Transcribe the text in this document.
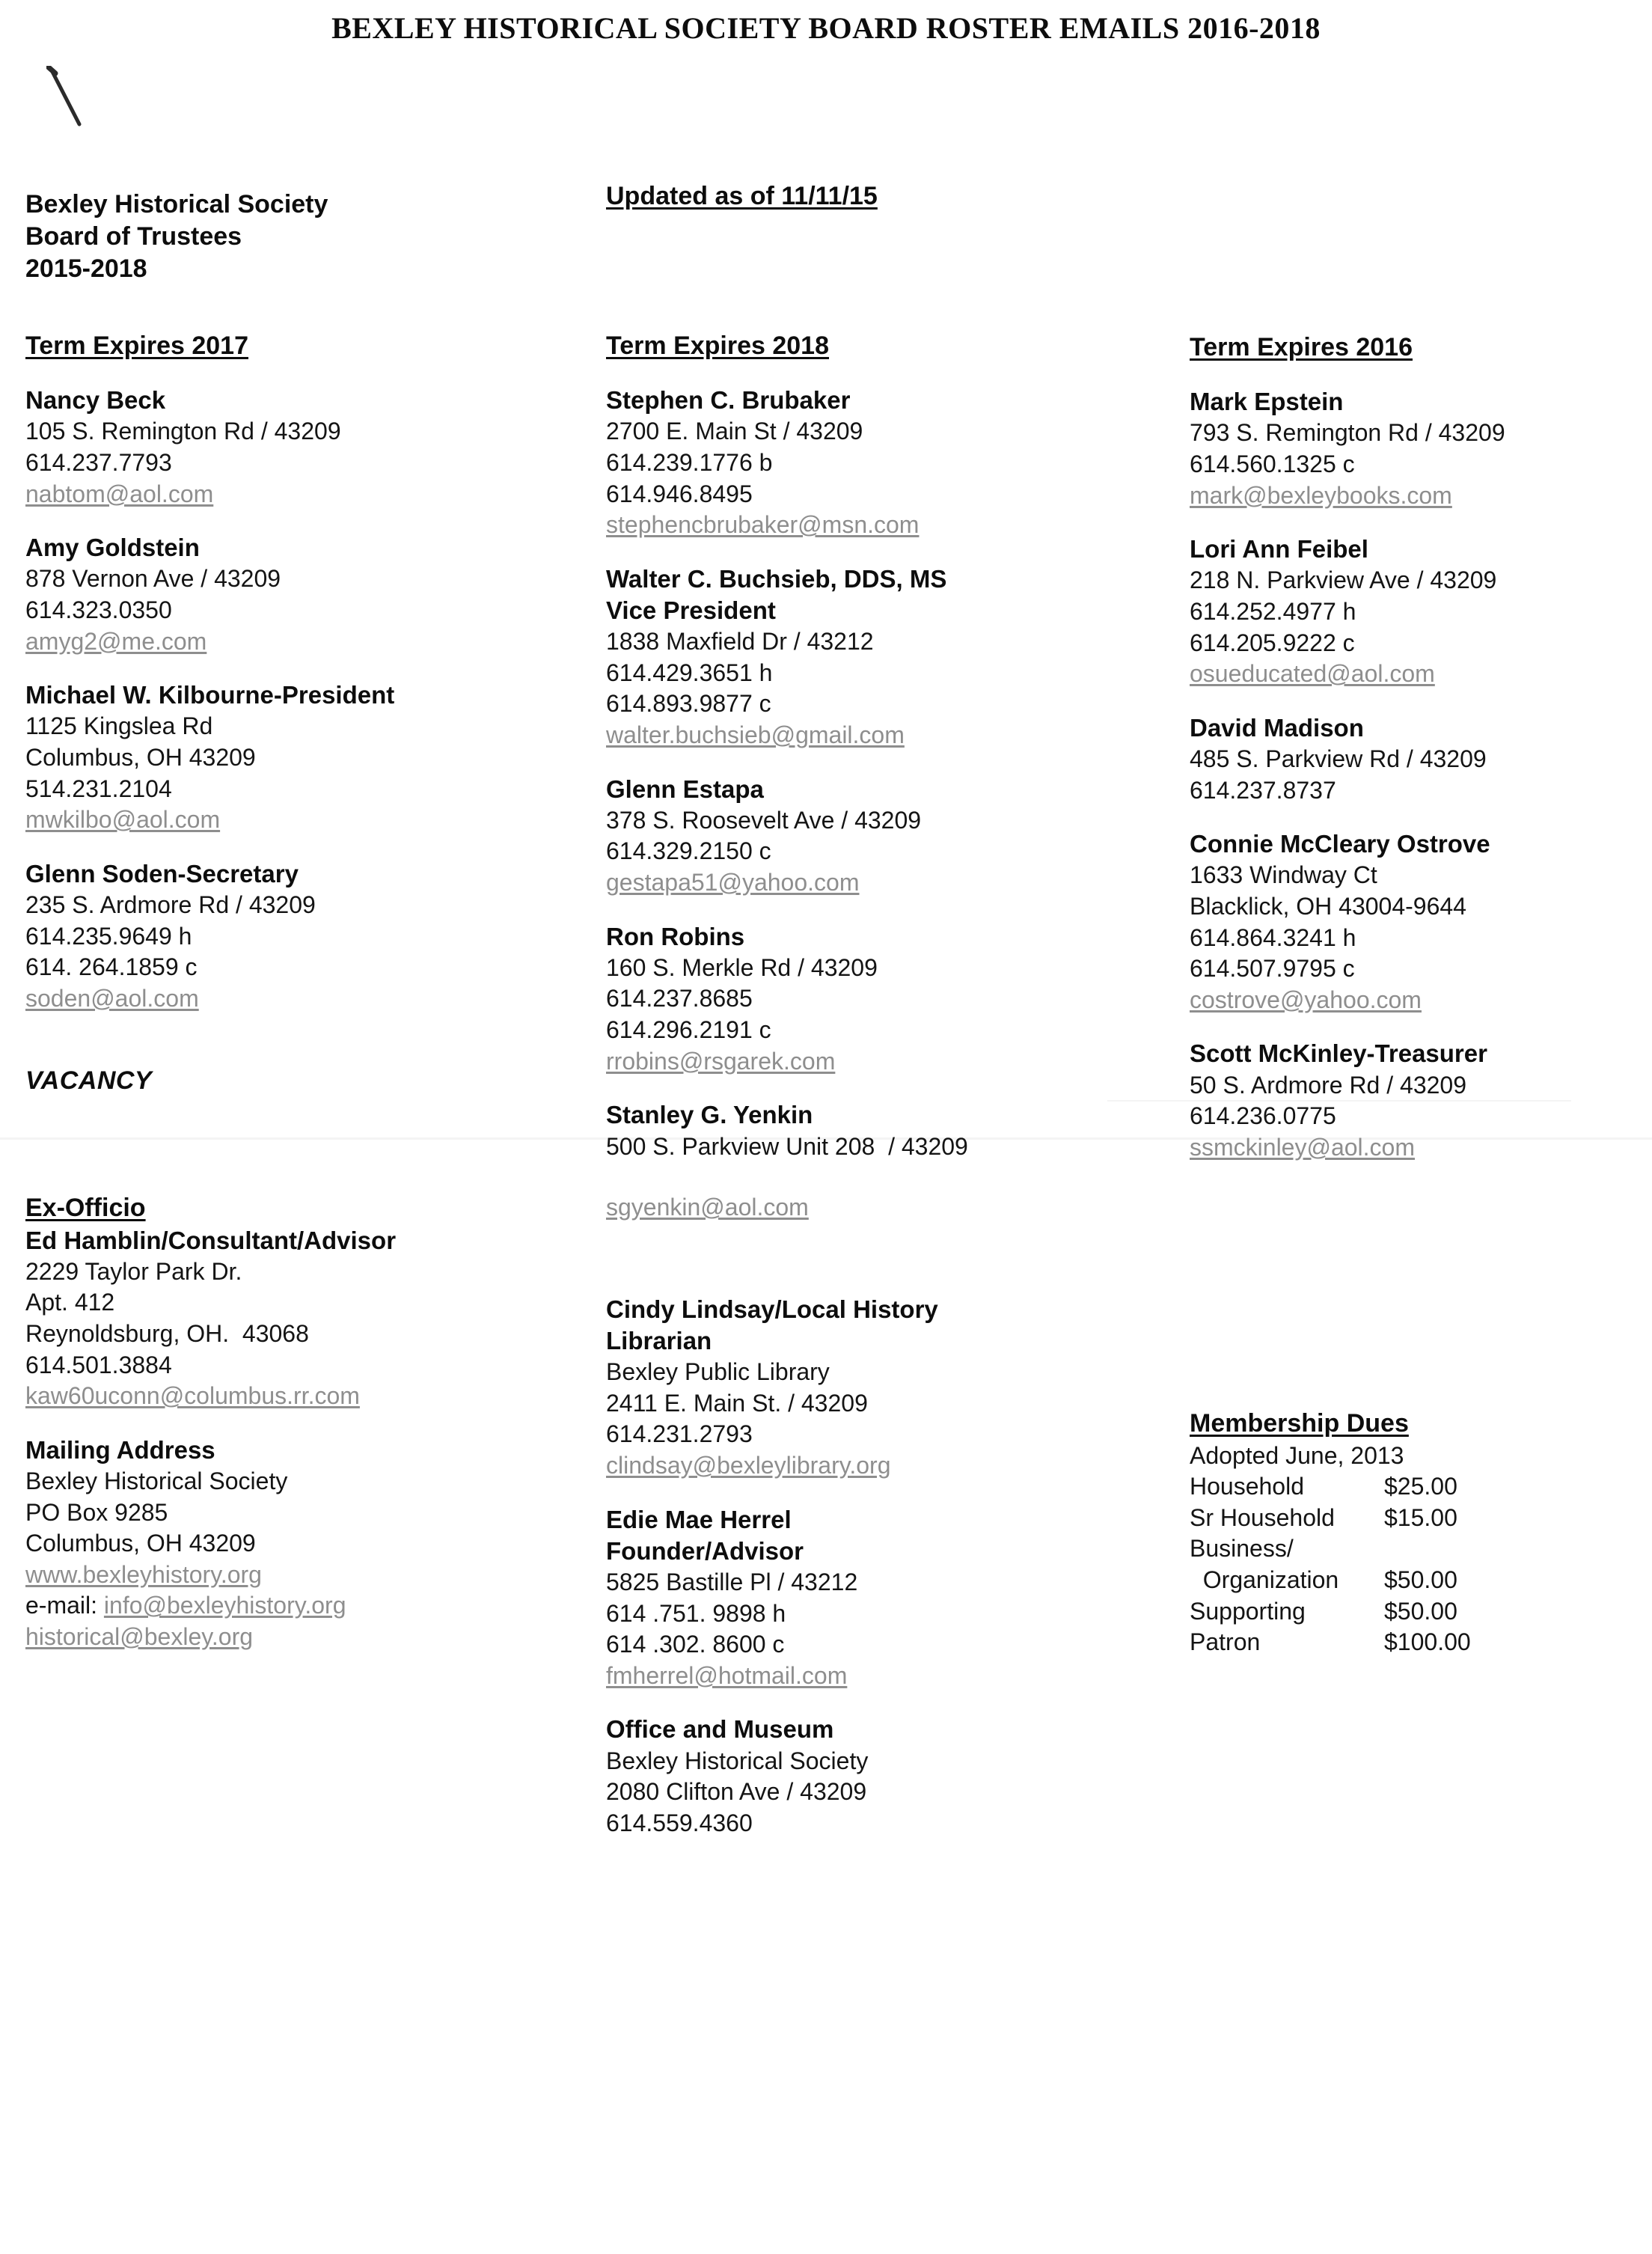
BEXLEY HISTORICAL SOCIETY BOARD ROSTER EMAILS 2016-2018
Bexley Historical Society
Board of Trustees
2015-2018
Updated as of 11/11/15
Term Expires 2017
Nancy Beck
105 S. Remington Rd / 43209
614.237.7793
nabtom@aol.com
Amy Goldstein
878 Vernon Ave / 43209
614.323.0350
amyg2@me.com
Michael W. Kilbourne-President
1125 Kingslea Rd
Columbus, OH 43209
514.231.2104
mwkilbo@aol.com
Glenn Soden-Secretary
235 S. Ardmore Rd / 43209
614.235.9649 h
614. 264.1859 c
soden@aol.com
VACANCY
Ex-Officio
Ed Hamblin/Consultant/Advisor
2229 Taylor Park Dr.
Apt. 412
Reynoldsburg, OH.  43068
614.501.3884
kaw60uconn@columbus.rr.com
Mailing Address
Bexley Historical Society
PO Box 9285
Columbus, OH 43209
www.bexleyhistory.org
e-mail: info@bexleyhistory.org
historical@bexley.org
Term Expires 2018
Stephen C. Brubaker
2700 E. Main St / 43209
614.239.1776 b
614.946.8495
stephencbrubaker@msn.com
Walter C. Buchsieb, DDS, MS
Vice President
1838 Maxfield Dr / 43212
614.429.3651 h
614.893.9877 c
walter.buchsieb@gmail.com
Glenn Estapa
378 S. Roosevelt Ave / 43209
614.329.2150 c
gestapa51@yahoo.com
Ron Robins
160 S. Merkle Rd / 43209
614.237.8685
614.296.2191 c
rrobins@rsgarek.com
Stanley G. Yenkin
500 S. Parkview Unit 208  / 43209
sgyenkin@aol.com
Cindy Lindsay/Local History
Librarian
Bexley Public Library
2411 E. Main St. / 43209
614.231.2793
clindsay@bexleylibrary.org
Edie Mae Herrel
Founder/Advisor
5825 Bastille Pl / 43212
614 .751. 9898 h
614 .302. 8600 c
fmherrel@hotmail.com
Office and Museum
Bexley Historical Society
2080 Clifton Ave / 43209
614.559.4360
Term Expires 2016
Mark Epstein
793 S. Remington Rd / 43209
614.560.1325 c
mark@bexleybooks.com
Lori Ann Feibel
218 N. Parkview Ave / 43209
614.252.4977 h
614.205.9222 c
osueducated@aol.com
David Madison
485 S. Parkview Rd / 43209
614.237.8737
Connie McCleary Ostrove
1633 Windway Ct
Blacklick, OH 43004-9644
614.864.3241 h
614.507.9795 c
costrove@yahoo.com
Scott McKinley-Treasurer
50 S. Ardmore Rd / 43209
614.236.0775
ssmckinley@aol.com
Membership Dues
Adopted June, 2013
Household	$25.00
Sr Household	$15.00
Business/
Organization	$50.00
Supporting	$50.00
Patron	$100.00
